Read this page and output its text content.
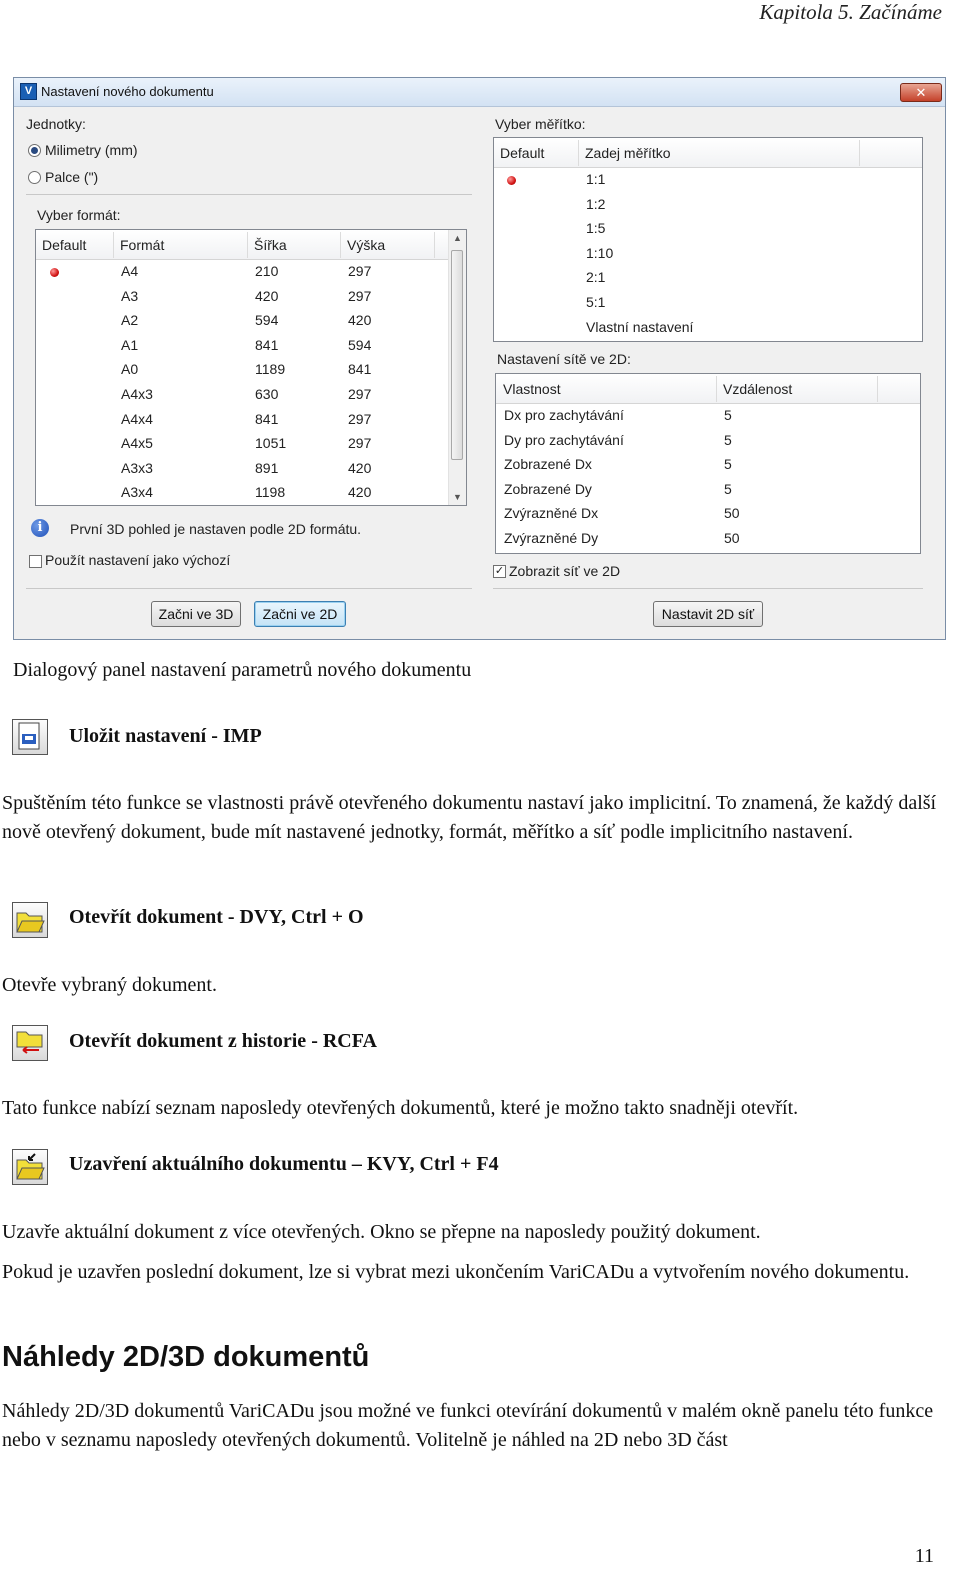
Kapitola 5. Začínáme
V Nastavení nového dokumentu	✕
Jednotky:
Milimetry (mm)
Palce (")
Vyber formát:
Default Formát	Šířka	Výška
A4	210	297
A3	420	297
A2	594	420
A1	841	594
A0	1189	841
A4x3	630	297
A4x4	841	297
A4x5	1051	297
A3x3	891	420
A3x4	1198	420
▲
▼
i	První 3D pohled je nastaven podle 2D formátu.
Použít nastavení jako výchozí
Vyber měřítko:
Default	Zadej měřítko
1:1
1:2
1:5
1:10
2:1
5:1
Vlastní nastavení
Nastavení sítě ve 2D:
Vlastnost	Vzdálenost
Dx pro zachytávání	5
Dy pro zachytávání	5
Zobrazené Dx	5
Zobrazené Dy	5
Zvýrazněné Dx	50
Zvýrazněné Dy	50
✓ Zobrazit síť ve 2D
Začni ve 3D	Začni ve 2D	Nastavit 2D síť
Dialogový panel nastavení parametrů nového dokumentu
Uložit nastavení - IMP
Spuštěním této funkce se vlastnosti právě otevřeného dokumentu nastaví jako implicitní. To znamená, že každý další nově otevřený dokument, bude mít nastavené jednotky, formát, měřítko a síť podle implicitního nastavení.
Otevřít dokument - DVY, Ctrl + O
Otevře vybraný dokument.
Otevřít dokument z historie - RCFA
Tato funkce nabízí seznam naposledy otevřených dokumentů, které je možno takto snadněji otevřít.
Uzavření aktuálního dokumentu – KVY, Ctrl + F4
Uzavře aktuální dokument z více otevřených. Okno se přepne na naposledy použitý dokument.
Pokud je uzavřen poslední dokument, lze si vybrat mezi ukončením VariCADu a vytvořením nového dokumentu.
Náhledy 2D/3D dokumentů
Náhledy 2D/3D dokumentů VariCADu jsou možné ve funkci otevírání dokumentů v malém okně panelu této funkce nebo v seznamu naposledy otevřených dokumentů. Volitelně je náhled na 2D nebo 3D část
11
